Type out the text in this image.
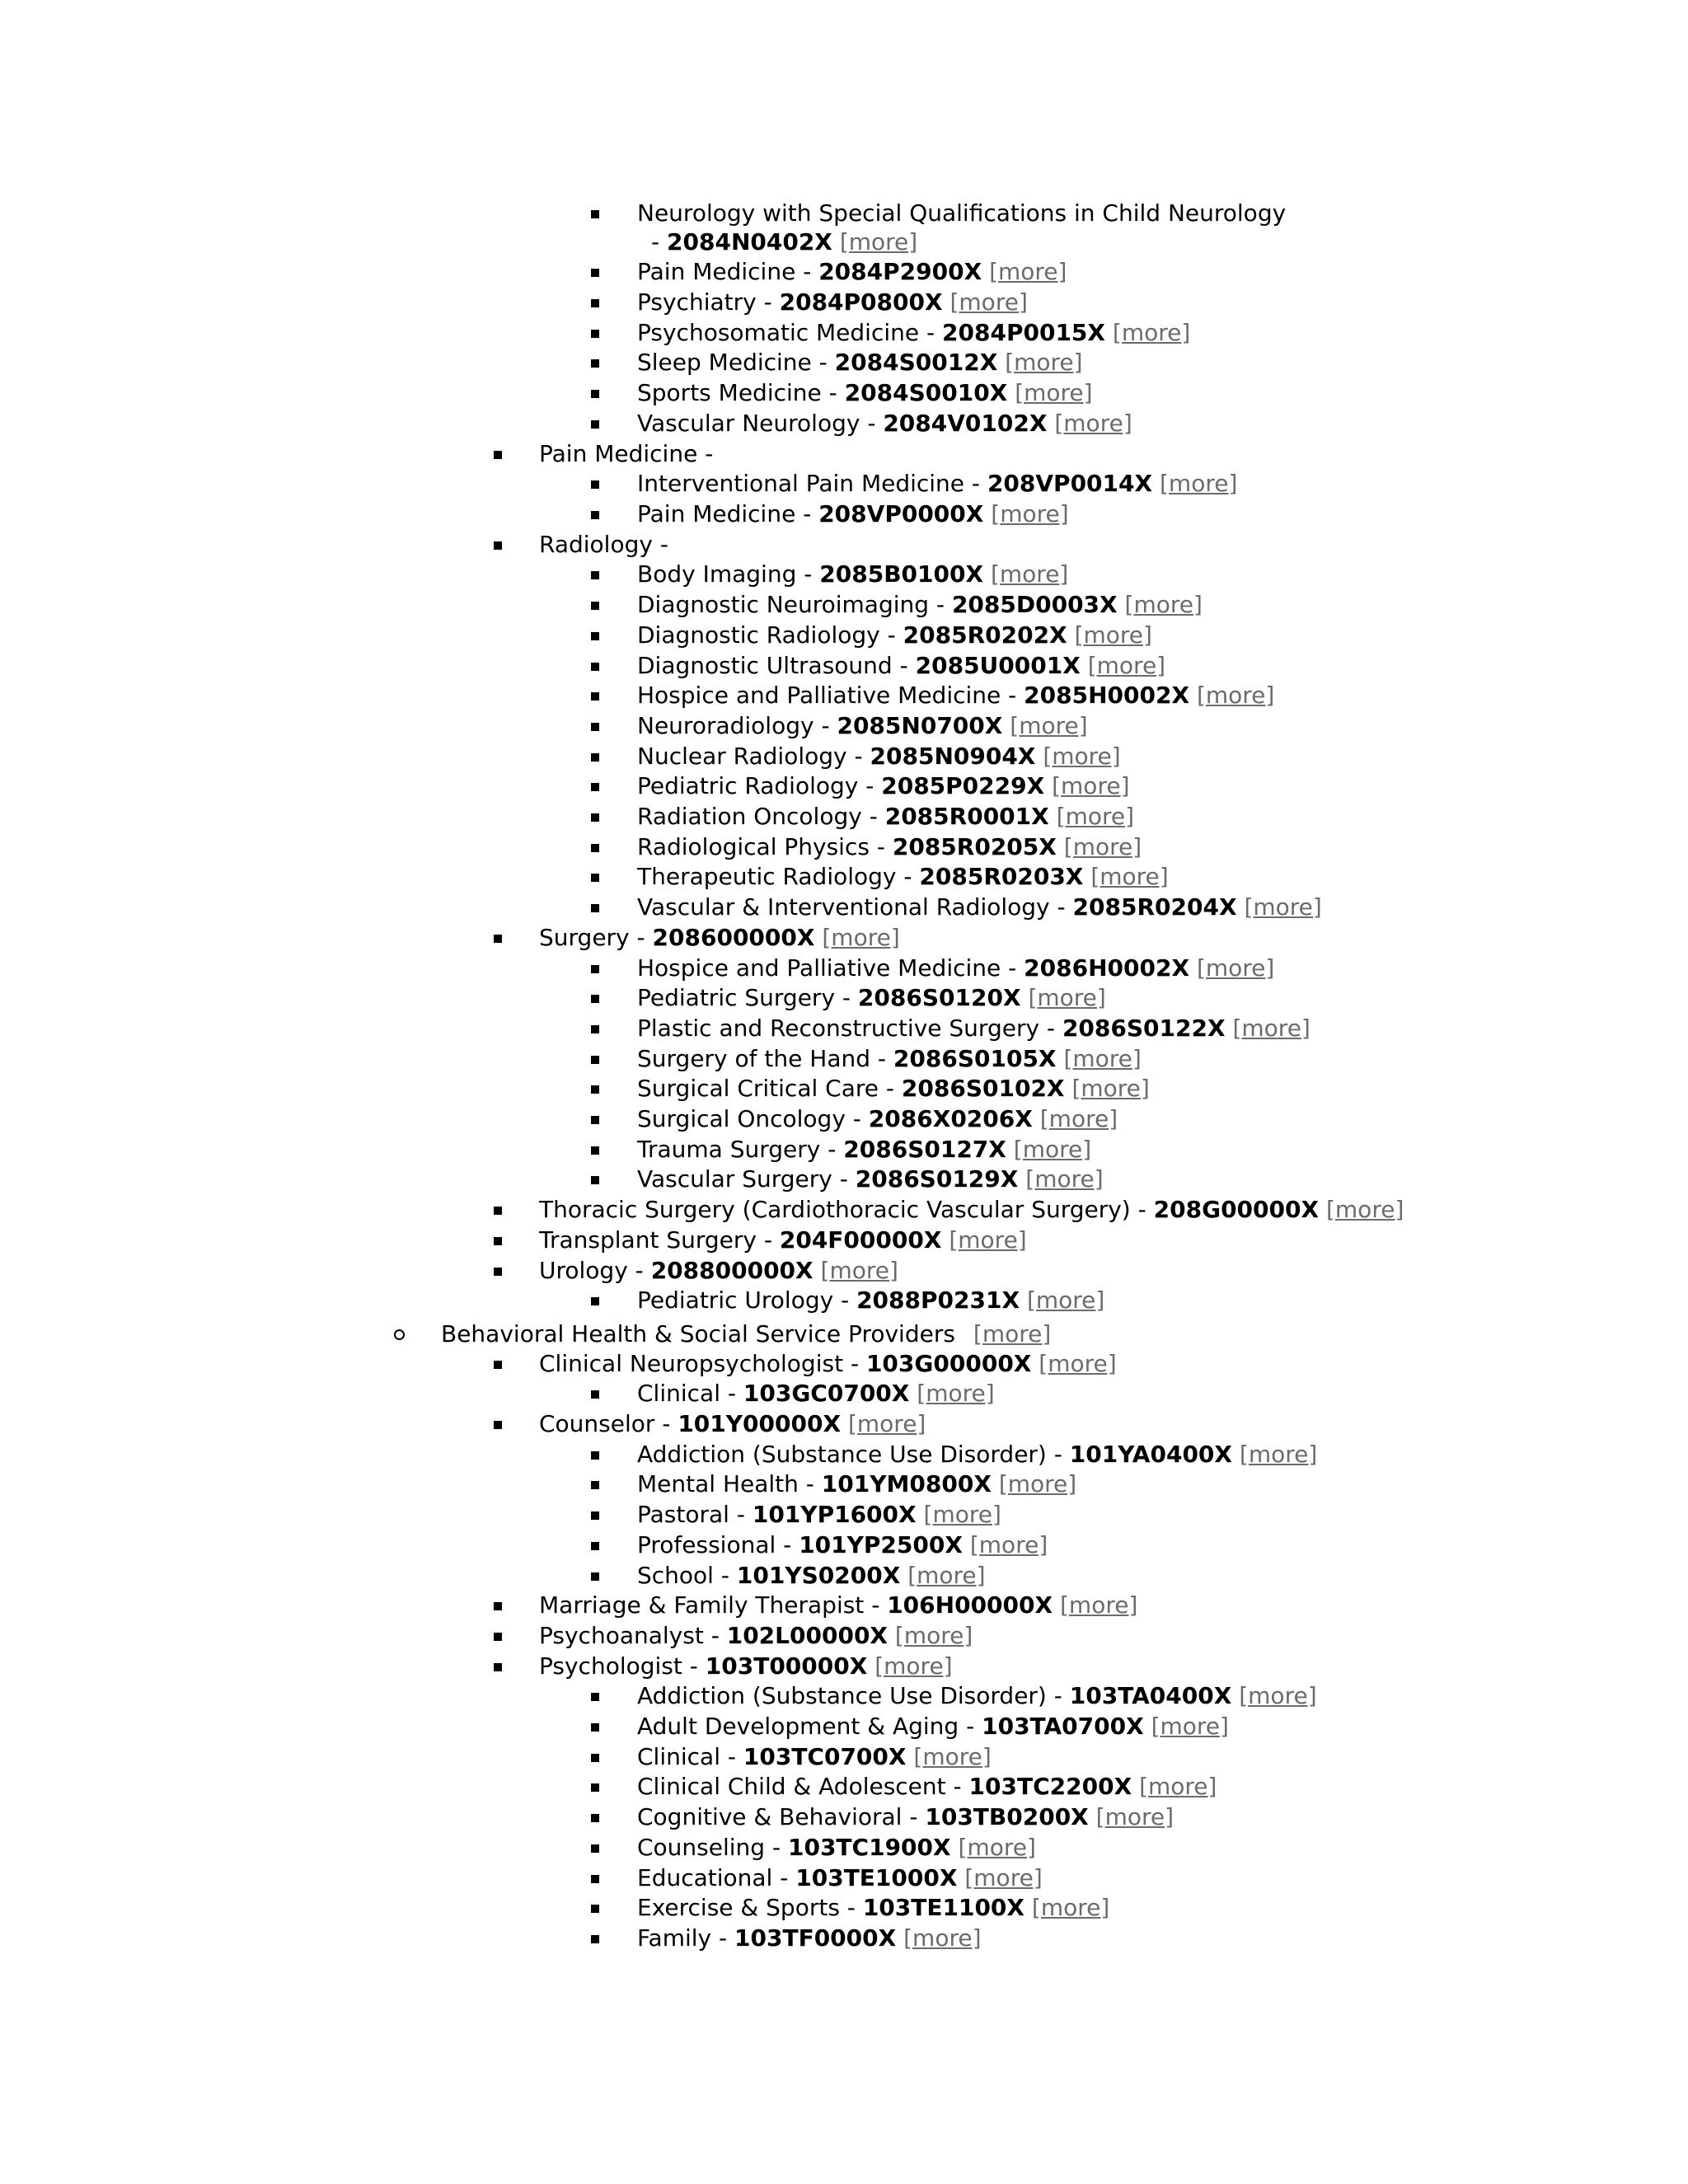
Neurology with Special Qualifications in Child Neurology
- 2084N0402X [more]
Pain Medicine - 2084P2900X [more]
Psychiatry - 2084P0800X [more]
Psychosomatic Medicine - 2084P0015X [more]
Sleep Medicine - 2084S0012X [more]
Sports Medicine - 2084S0010X [more]
Vascular Neurology - 2084V0102X [more]
Pain Medicine -
Interventional Pain Medicine - 208VP0014X [more]
Pain Medicine - 208VP0000X [more]
Radiology -
Body Imaging - 2085B0100X [more]
Diagnostic Neuroimaging - 2085D0003X [more]
Diagnostic Radiology - 2085R0202X [more]
Diagnostic Ultrasound - 2085U0001X [more]
Hospice and Palliative Medicine - 2085H0002X [more]
Neuroradiology - 2085N0700X [more]
Nuclear Radiology - 2085N0904X [more]
Pediatric Radiology - 2085P0229X [more]
Radiation Oncology - 2085R0001X [more]
Radiological Physics - 2085R0205X [more]
Therapeutic Radiology - 2085R0203X [more]
Vascular & Interventional Radiology - 2085R0204X [more]
Surgery - 208600000X [more]
Hospice and Palliative Medicine - 2086H0002X [more]
Pediatric Surgery - 2086S0120X [more]
Plastic and Reconstructive Surgery - 2086S0122X [more]
Surgery of the Hand - 2086S0105X [more]
Surgical Critical Care - 2086S0102X [more]
Surgical Oncology - 2086X0206X [more]
Trauma Surgery - 2086S0127X [more]
Vascular Surgery - 2086S0129X [more]
Thoracic Surgery (Cardiothoracic Vascular Surgery) - 208G00000X [more]
Transplant Surgery - 204F00000X [more]
Urology - 208800000X [more]
Pediatric Urology - 2088P0231X [more]
Behavioral Health & Social Service Providers [more]
Clinical Neuropsychologist - 103G00000X [more]
Clinical - 103GC0700X [more]
Counselor - 101Y00000X [more]
Addiction (Substance Use Disorder) - 101YA0400X [more]
Mental Health - 101YM0800X [more]
Pastoral - 101YP1600X [more]
Professional - 101YP2500X [more]
School - 101YS0200X [more]
Marriage & Family Therapist - 106H00000X [more]
Psychoanalyst - 102L00000X [more]
Psychologist - 103T00000X [more]
Addiction (Substance Use Disorder) - 103TA0400X [more]
Adult Development & Aging - 103TA0700X [more]
Clinical - 103TC0700X [more]
Clinical Child & Adolescent - 103TC2200X [more]
Cognitive & Behavioral - 103TB0200X [more]
Counseling - 103TC1900X [more]
Educational - 103TE1000X [more]
Exercise & Sports - 103TE1100X [more]
Family - 103TF0000X [more]
